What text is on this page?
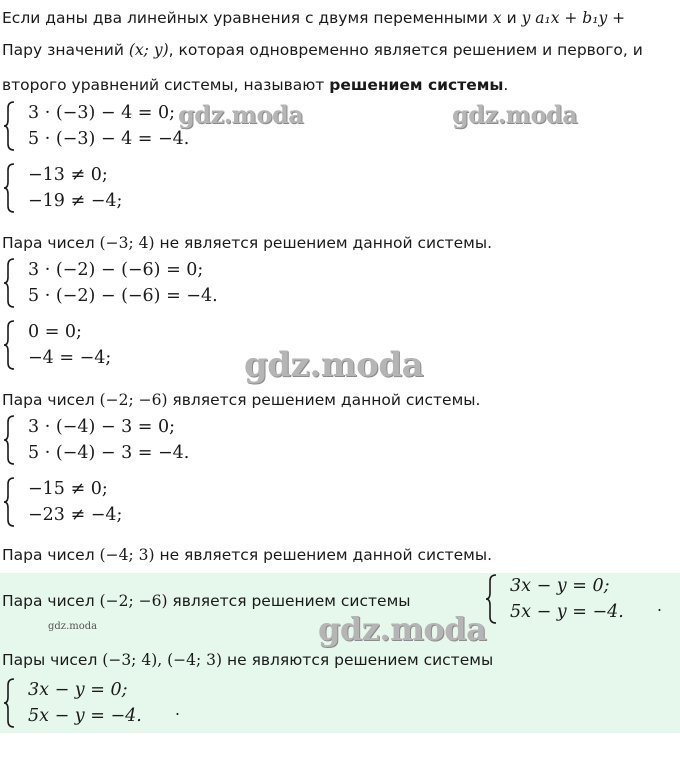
Если даны два линейных уравнения с двумя переменными x и y a₁x + b₁y +
Пару значений (x; y), которая одновременно является решением и первого, и
второго уравнений системы, называют решением системы.
3 · (−3) − 4 = 0;
5 · (−3) − 4 = −4.
−13 ≠ 0;
−19 ≠ −4;
Пара чисел (−3; 4) не является решением данной системы.
3 · (−2) − (−6) = 0;
5 · (−2) − (−6) = −4.
0 = 0;
−4 = −4;
Пара чисел (−2; −6) является решением данной системы.
3 · (−4) − 3 = 0;
5 · (−4) − 3 = −4.
−15 ≠ 0;
−23 ≠ −4;
Пара чисел (−4; 3) не является решением данной системы.
Пара чисел (−2; −6) является решением системы
3x − y = 0;
5x − y = −4. .
Пары чисел (−3; 4), (−4; 3) не являются решением системы
3x − y = 0;
5x − y = −4. .
gdz.moda	gdz.moda
gdz.moda
gdz.moda
gdz.moda
